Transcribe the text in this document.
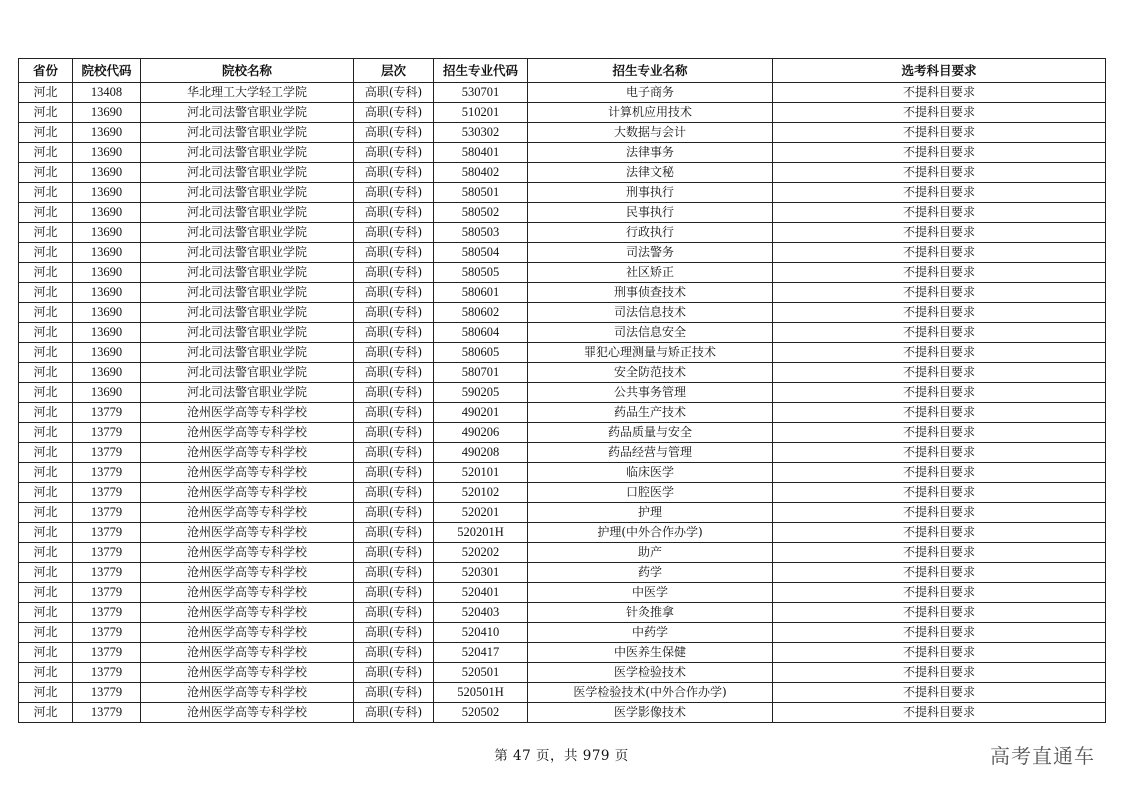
省份	院校代码	院校名称	层次	招生专业代码	招生专业名称	选考科目要求
河北	13408	华北理工大学轻工学院	高职(专科)	530701	电子商务	不提科目要求
河北	13690	河北司法警官职业学院	高职(专科)	510201	计算机应用技术	不提科目要求
河北	13690	河北司法警官职业学院	高职(专科)	530302	大数据与会计	不提科目要求
河北	13690	河北司法警官职业学院	高职(专科)	580401	法律事务	不提科目要求
河北	13690	河北司法警官职业学院	高职(专科)	580402	法律文秘	不提科目要求
河北	13690	河北司法警官职业学院	高职(专科)	580501	刑事执行	不提科目要求
河北	13690	河北司法警官职业学院	高职(专科)	580502	民事执行	不提科目要求
河北	13690	河北司法警官职业学院	高职(专科)	580503	行政执行	不提科目要求
河北	13690	河北司法警官职业学院	高职(专科)	580504	司法警务	不提科目要求
河北	13690	河北司法警官职业学院	高职(专科)	580505	社区矫正	不提科目要求
河北	13690	河北司法警官职业学院	高职(专科)	580601	刑事侦查技术	不提科目要求
河北	13690	河北司法警官职业学院	高职(专科)	580602	司法信息技术	不提科目要求
河北	13690	河北司法警官职业学院	高职(专科)	580604	司法信息安全	不提科目要求
河北	13690	河北司法警官职业学院	高职(专科)	580605	罪犯心理测量与矫正技术	不提科目要求
河北	13690	河北司法警官职业学院	高职(专科)	580701	安全防范技术	不提科目要求
河北	13690	河北司法警官职业学院	高职(专科)	590205	公共事务管理	不提科目要求
河北	13779	沧州医学高等专科学校	高职(专科)	490201	药品生产技术	不提科目要求
河北	13779	沧州医学高等专科学校	高职(专科)	490206	药品质量与安全	不提科目要求
河北	13779	沧州医学高等专科学校	高职(专科)	490208	药品经营与管理	不提科目要求
河北	13779	沧州医学高等专科学校	高职(专科)	520101	临床医学	不提科目要求
河北	13779	沧州医学高等专科学校	高职(专科)	520102	口腔医学	不提科目要求
河北	13779	沧州医学高等专科学校	高职(专科)	520201	护理	不提科目要求
河北	13779	沧州医学高等专科学校	高职(专科)	520201H	护理(中外合作办学)	不提科目要求
河北	13779	沧州医学高等专科学校	高职(专科)	520202	助产	不提科目要求
河北	13779	沧州医学高等专科学校	高职(专科)	520301	药学	不提科目要求
河北	13779	沧州医学高等专科学校	高职(专科)	520401	中医学	不提科目要求
河北	13779	沧州医学高等专科学校	高职(专科)	520403	针灸推拿	不提科目要求
河北	13779	沧州医学高等专科学校	高职(专科)	520410	中药学	不提科目要求
河北	13779	沧州医学高等专科学校	高职(专科)	520417	中医养生保健	不提科目要求
河北	13779	沧州医学高等专科学校	高职(专科)	520501	医学检验技术	不提科目要求
河北	13779	沧州医学高等专科学校	高职(专科)	520501H	医学检验技术(中外合作办学)	不提科目要求
河北	13779	沧州医学高等专科学校	高职(专科)	520502	医学影像技术	不提科目要求
第 47 页，共 979 页	高考直通车
